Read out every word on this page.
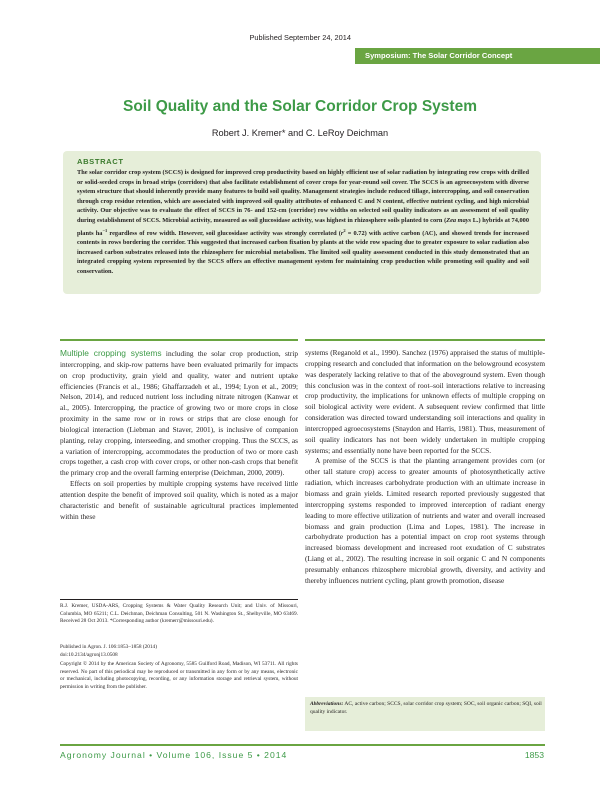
Published September 24, 2014
Symposium: The Solar Corridor Concept
Soil Quality and the Solar Corridor Crop System
Robert J. Kremer* and C. LeRoy Deichman
ABSTRACT
The solar corridor crop system (SCCS) is designed for improved crop productivity based on highly efficient use of solar radiation by integrating row crops with drilled or solid-seeded crops in broad strips (corridors) that also facilitate establishment of cover crops for year-round soil cover. The SCCS is an agroecosystem with diverse system structure that should inherently provide many features to build soil quality. Management strategies include reduced tillage, intercropping, and soil conservation through crop residue retention, which are associated with improved soil quality attributes of enhanced C and N content, effective nutrient cycling, and high microbial activity. Our objective was to evaluate the effect of SCCS in 76- and 152-cm (corridor) row widths on selected soil quality indicators as an assessment of soil quality during establishment of SCCS. Microbial activity, measured as soil glucosidase activity, was highest in rhizosphere soils planted to corn (Zea mays L.) hybrids at 74,000 plants $ha^{-1}$ regardless of row width. However, soil glucosidase activity was strongly correlated $(r^2 = 0.72)$ with active carbon (AC), and showed trends for increased contents in rows bordering the corridor. This suggested that increased carbon fixation by plants at the wide row spacing due to greater exposure to solar radiation also increased carbon substrates released into the rhizosphere for microbial metabolism. The limited soil quality assessment conducted in this study demonstrated that an integrated cropping system represented by the SCCS offers an effective management system for maintaining crop production while promoting soil quality and soil conservation.

Multiple cropping systems including the solar crop production, strip intercropping, and skip-row patterns have been evaluated primarily for impacts on crop productivity, grain yield and quality, water and nutrient uptake efficiencies (Francis et al., 1986; Ghaffarzadeh et al., 1994; Lyon et al., 2009; Nelson, 2014), and reduced nutrient loss including nitrate nitrogen (Kanwar et al., 2005). Intercropping, the practice of growing two or more crops in close proximity in the same row or in rows or strips that are close enough for biological interaction (Liebman and Staver, 2001), is inclusive of companion planting, relay cropping, interseeding, and smother cropping. Thus the SCCS, as a variation of intercropping, accommodates the production of two or more cash crops together, a cash crop with cover crops, or other non-cash crops that benefit the primary crop and the overall farming enterprise (Deichman, 2000, 2009).

Effects on soil properties by multiple cropping systems have received little attention despite the benefit of improved soil quality, which is noted as a major characteristic and benefit of sustainable agricultural practices implemented within these

systems (Reganold et al., 1990). Sanchez (1976) appraised the status of multiple-cropping research and concluded that information on the belowground ecosystem was desperately lacking relative to that of the aboveground system. Even though this conclusion was in the context of root–soil interactions relative to increasing crop productivity, the implications for unknown effects of multiple cropping on soil biological activity were evident. A subsequent review confirmed that little consideration was directed toward understanding soil interactions and quality in intercropped agroecosystems (Snaydon and Harris, 1981). Thus, measurement of soil quality indicators has not been widely undertaken in multiple cropping systems; and essentially none have been reported for the SCCS.

A premise of the SCCS is that the planting arrangement provides corn (or other tall stature crop) access to greater amounts of photosynthetically active radiation, which increases carbohydrate production with an ultimate increase in biomass and grain yields. Limited research reported previously suggested that intercropping systems responded to improved interception of radiant energy leading to more effective utilization of nutrients and water and overall increased biomass and grain production (Lima and Lopes, 1981). The increase in carbohydrate production has a potential impact on crop root systems through increased biomass development and increased root exudation of C substrates (Liang et al., 2002). The resulting increase in soil organic C and N components presumably enhances rhizosphere microbial growth, diversity, and activity and thereby influences nutrient cycling, plant growth promotion, disease

R.J. Kremer, USDA-ARS, Cropping Systems & Water Quality Research Unit; and Univ. of Missouri, Columbia, MO 65211; C.L. Deichman, Deichman Consulting, 501 N. Washington St., Shelbyville, MO 63469. Received 28 Oct 2013. *Corresponding author (kremerr@missouri.edu).
Published in Agron. J. 106:1853–1858 (2014)
doi:10.2134/agronj13.0508
Copyright © 2014 by the American Society of Agronomy, 5585 Guilford Road, Madison, WI 53711. All rights reserved. No part of this periodical may be reproduced or transmitted in any form or by any means, electronic or mechanical, including photocopying, recording, or any information storage and retrieval system, without permission in writing from the publisher.
Abbreviations: AC, active carbon; SCCS, solar corridor crop system; SOC, soil organic carbon; SQI, soil quality indicator.
Agronomy Journal • Volume 106, Issue 5 • 2014	1853
